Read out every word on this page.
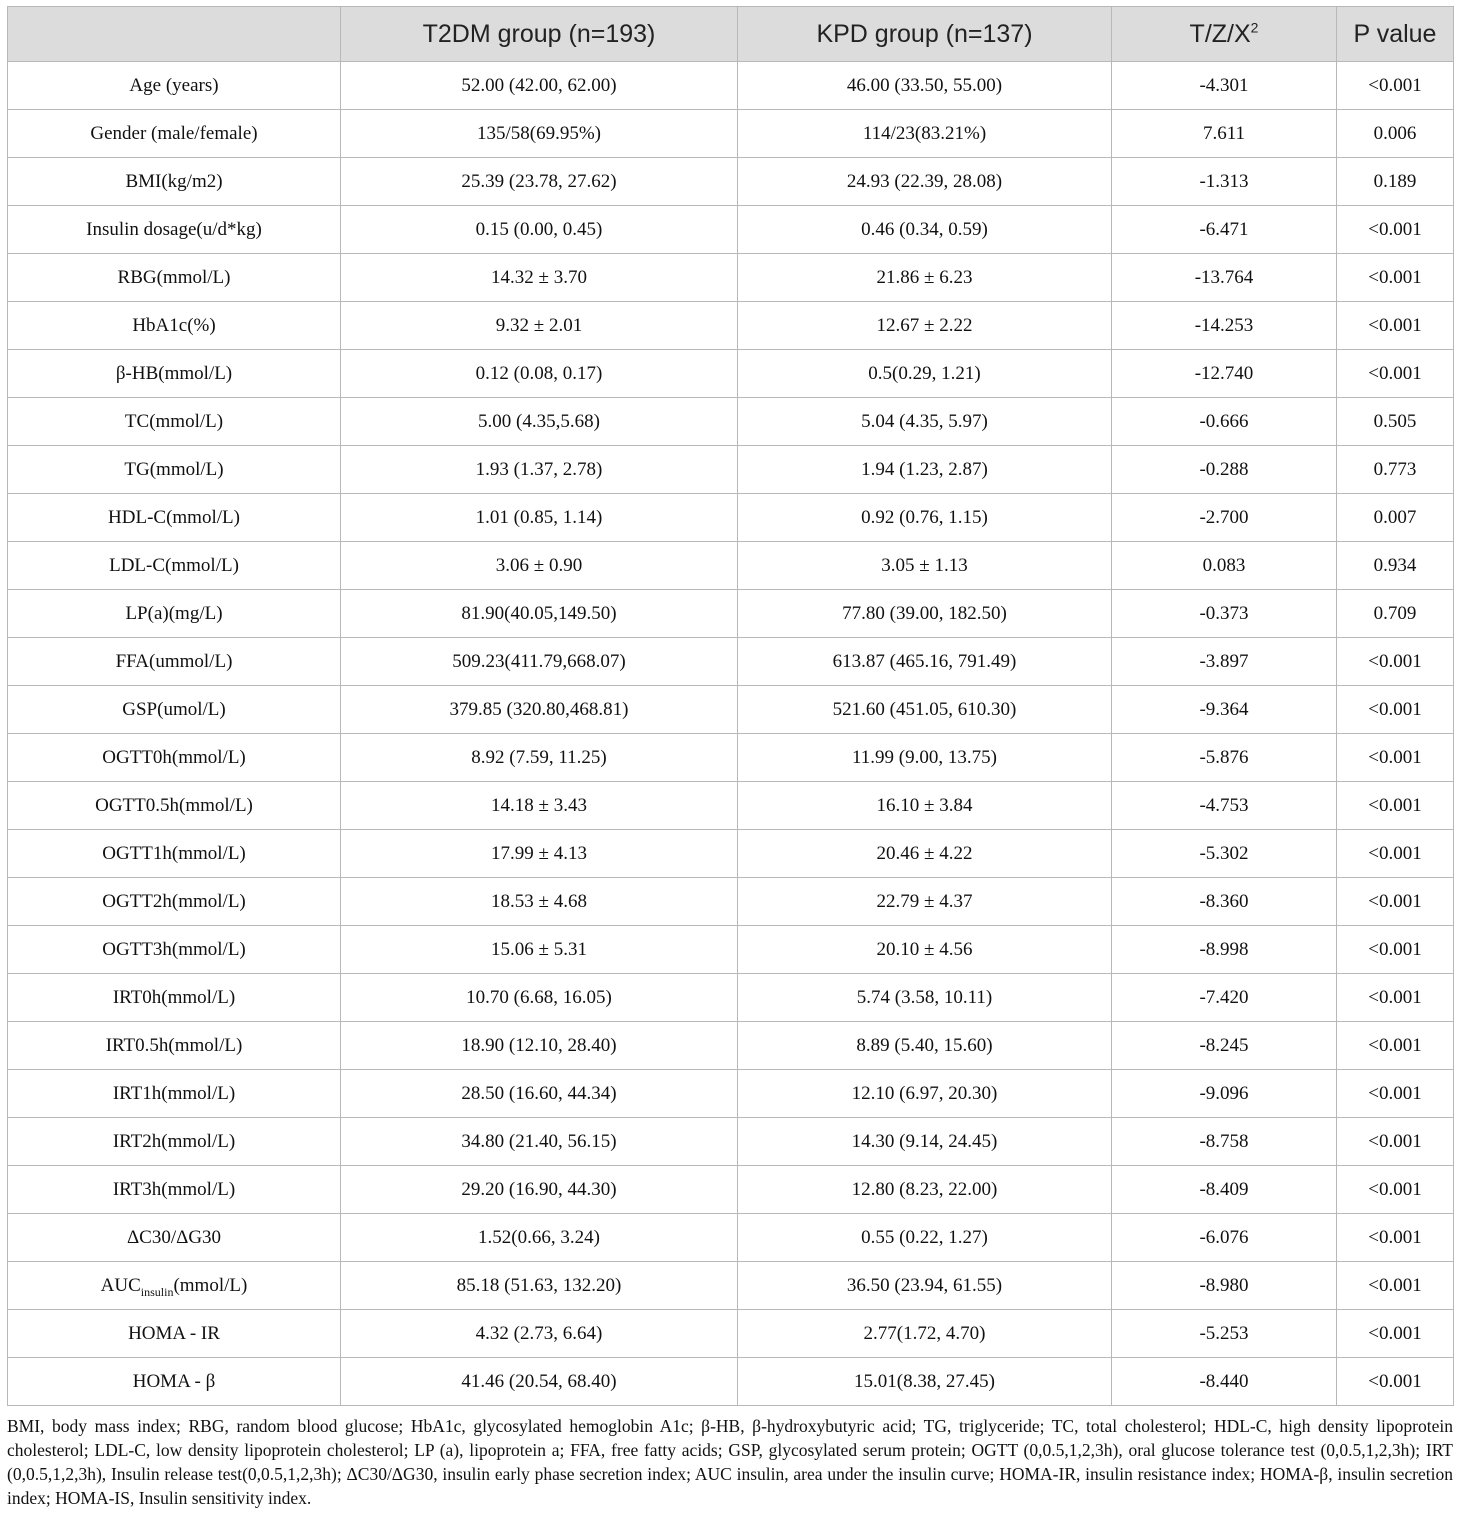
	T2DM group (n=193)	KPD group (n=137)	$T/Z/X^2$	P value
Age (years)	52.00 (42.00, 62.00)	46.00 (33.50, 55.00)	-4.301	<0.001
Gender (male/female)	135/58(69.95%)	114/23(83.21%)	7.611	0.006
BMI(kg/m2)	25.39 (23.78, 27.62)	24.93 (22.39, 28.08)	-1.313	0.189
Insulin dosage(u/d*kg)	0.15 (0.00, 0.45)	0.46 (0.34, 0.59)	-6.471	<0.001
RBG(mmol/L)	14.32 ± 3.70	21.86 ± 6.23	-13.764	<0.001
HbA1c(%)	9.32 ± 2.01	12.67 ± 2.22	-14.253	<0.001
β-HB(mmol/L)	0.12 (0.08, 0.17)	0.5(0.29, 1.21)	-12.740	<0.001
TC(mmol/L)	5.00 (4.35,5.68)	5.04 (4.35, 5.97)	-0.666	0.505
TG(mmol/L)	1.93 (1.37, 2.78)	1.94 (1.23, 2.87)	-0.288	0.773
HDL-C(mmol/L)	1.01 (0.85, 1.14)	0.92 (0.76, 1.15)	-2.700	0.007
LDL-C(mmol/L)	3.06 ± 0.90	3.05 ± 1.13	0.083	0.934
LP(a)(mg/L)	81.90(40.05,149.50)	77.80 (39.00, 182.50)	-0.373	0.709
FFA(ummol/L)	509.23(411.79,668.07)	613.87 (465.16, 791.49)	-3.897	<0.001
GSP(umol/L)	379.85 (320.80,468.81)	521.60 (451.05, 610.30)	-9.364	<0.001
OGTT0h(mmol/L)	8.92 (7.59, 11.25)	11.99 (9.00, 13.75)	-5.876	<0.001
OGTT0.5h(mmol/L)	14.18 ± 3.43	16.10 ± 3.84	-4.753	<0.001
OGTT1h(mmol/L)	17.99 ± 4.13	20.46 ± 4.22	-5.302	<0.001
OGTT2h(mmol/L)	18.53 ± 4.68	22.79 ± 4.37	-8.360	<0.001
OGTT3h(mmol/L)	15.06 ± 5.31	20.10 ± 4.56	-8.998	<0.001
IRT0h(mmol/L)	10.70 (6.68, 16.05)	5.74 (3.58, 10.11)	-7.420	<0.001
IRT0.5h(mmol/L)	18.90 (12.10, 28.40)	8.89 (5.40, 15.60)	-8.245	<0.001
IRT1h(mmol/L)	28.50 (16.60, 44.34)	12.10 (6.97, 20.30)	-9.096	<0.001
IRT2h(mmol/L)	34.80 (21.40, 56.15)	14.30 (9.14, 24.45)	-8.758	<0.001
IRT3h(mmol/L)	29.20 (16.90, 44.30)	12.80 (8.23, 22.00)	-8.409	<0.001
ΔC30/ΔG30	1.52(0.66, 3.24)	0.55 (0.22, 1.27)	-6.076	<0.001
$AUC_{insulin}(mmol/L)$	85.18 (51.63, 132.20)	36.50 (23.94, 61.55)	-8.980	<0.001
HOMA - IR	4.32 (2.73, 6.64)	2.77(1.72, 4.70)	-5.253	<0.001
HOMA - β	41.46 (20.54, 68.40)	15.01(8.38, 27.45)	-8.440	<0.001
BMI, body mass index; RBG, random blood glucose; HbA1c, glycosylated hemoglobin A1c; β-HB, β-hydroxybutyric acid; TG, triglyceride; TC, total cholesterol; HDL-C, high density lipoprotein cholesterol; LDL-C, low density lipoprotein cholesterol; LP (a), lipoprotein a; FFA, free fatty acids; GSP, glycosylated serum protein; OGTT (0,0.5,1,2,3h), oral glucose tolerance test (0,0.5,1,2,3h); IRT (0,0.5,1,2,3h), Insulin release test(0,0.5,1,2,3h); ΔC30/ΔG30, insulin early phase secretion index; AUC insulin, area under the insulin curve; HOMA-IR, insulin resistance index; HOMA-β, insulin secretion index; HOMA-IS, Insulin sensitivity index.
